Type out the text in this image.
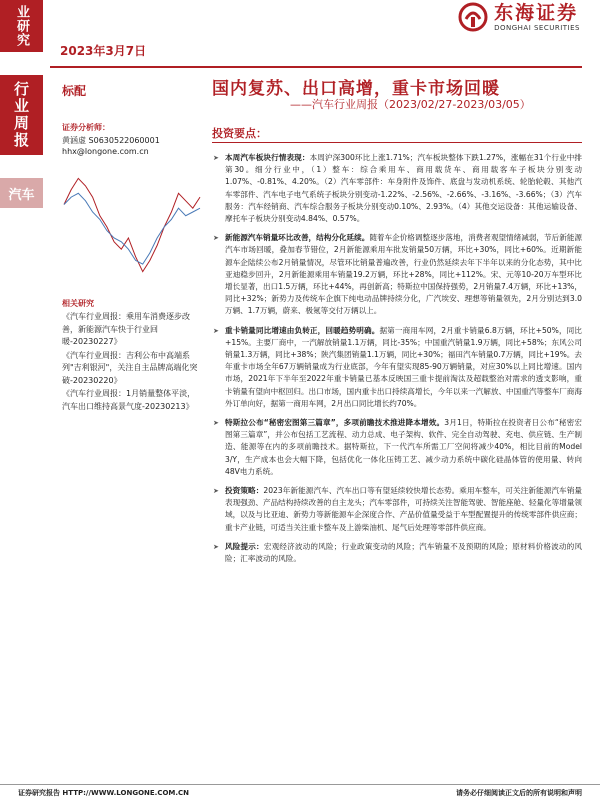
业研究
行业周报
汽车
2023年3月7日
东海证券
DONGHAI SECURITIES
标配	国内复苏、出口高增，重卡市场回暖
——汽车行业周报（2023/02/27-2023/03/05）
证券分析师：
黄涵虚 S0630522060001
hhx@longone.com.cn
相关研究
《汽车行业周报：乘用车消费逐步改善，新能源汽车快于行业回暖-20230227》
《汽车行业周报：吉利公布中高端系列"吉利银河"，关注自主品牌高端化突破-20230220》
《汽车行业周报：1月销量整体平淡，汽车出口维持高景气度-20230213》
投资要点：
➤ 本周汽车板块行情表现：本周沪深300环比上涨1.71%；汽车板块整体下跌1.27%，涨幅在31个行业中排第30。细分行业中，（1）整车：综合乘用车、商用载货车、商用载客车子板块分别变动1.07%、-0.81%、4.20%。（2）汽车零部件：车身附件及饰件、底盘与发动机系统、轮胎轮毂、其他汽车零部件、汽车电子电气系统子板块分别变动-1.22%、-2.56%、-2.66%、-3.16%、-3.66%；（3）汽车服务：汽车经销商、汽车综合服务子板块分别变动0.10%、2.93%。（4）其他交运设备：其他运输设备、摩托车子板块分别变动4.84%、0.57%。
➤ 新能源汽车销量环比改善，结构分化延续。随着车企价格调整逐步落地，消费者观望情绪减弱，节后新能源汽车市场回暖，叠加春节错位，2月新能源乘用车批发销量50万辆，环比+30%，同比+60%。近期新能源车企陆续公布2月销量情况，尽管环比销量普遍改善，行业仍然延续去年下半年以来的分化态势，其中比亚迪稳步回升，2月新能源乘用车销量19.2万辆，环比+28%，同比+112%。宋、元等10-20万车型环比增长显著，出口1.5万辆，环比+44%，再创新高；特斯拉中国保持强势，2月销量7.4万辆，环比+13%，同比+32%；新势力及传统车企旗下纯电动品牌持续分化，广汽埃安、理想等销量领先，2月分别达到3.0万辆、1.7万辆，蔚来、极氪等交付万辆以上。
➤ 重卡销量同比增速由负转正，回暖趋势明确。据第一商用车网，2月重卡销量6.8万辆，环比+50%，同比+15%。主要厂商中，一汽解放销量1.1万辆，同比-35%；中国重汽销量1.9万辆，同比+58%；东风公司销量1.3万辆，同比+38%；陕汽集团销量1.1万辆，同比+30%；福田汽车销量0.7万辆，同比+19%。去年重卡市场全年67万辆销量成为行业底部，今年有望实现85-90万辆销量，对应30%以上同比增速。国内市场，2021年下半年至2022年重卡销量已基本反映国三重卡提前淘汰及超载整治对需求的透支影响，重卡销量有望向中枢回归。出口市场，国内重卡出口持续高增长，今年以来一汽解放、中国重汽等整车厂商海外订单向好，据第一商用车网，2月出口同比增长约70%。
➤ 特斯拉公布“秘密宏图第三篇章”，多项前瞻技术推进降本增效。3月1日，特斯拉在投资者日公布“秘密宏图第三篇章”，并公布包括工艺流程、动力总成、电子架构、软件、完全自动驾驶、充电、供应链、生产制造、能源等在内的多项前瞻技术。据特斯拉，下一代汽车所需工厂空间将减少40%，相比目前的Model 3/Y，生产成本也会大幅下降，包括优化一体化压铸工艺、减少动力系统中碳化硅晶体管的使用量、转向48V电力系统。
➤ 投资策略：2023年新能源汽车、汽车出口等有望延续较快增长态势。乘用车整车，可关注新能源汽车销量表现强劲、产品结构持续改善的自主龙头；汽车零部件，可持续关注智能驾驶、智能座舱、轻量化等增量领域，以及与比亚迪、新势力等新能源车企深度合作、产品价值量受益于车型配置提升的传统零部件供应商；重卡产业链，可适当关注重卡整车及上游柴油机、尾气后处理等零部件供应商。
➤ 风险提示：宏观经济波动的风险；行业政策变动的风险；汽车销量不及预期的风险；原材料价格波动的风险；汇率波动的风险。
证券研究报告 HTTP://WWW.LONGONE.COM.CN	请务必仔细阅读正文后的所有说明和声明
